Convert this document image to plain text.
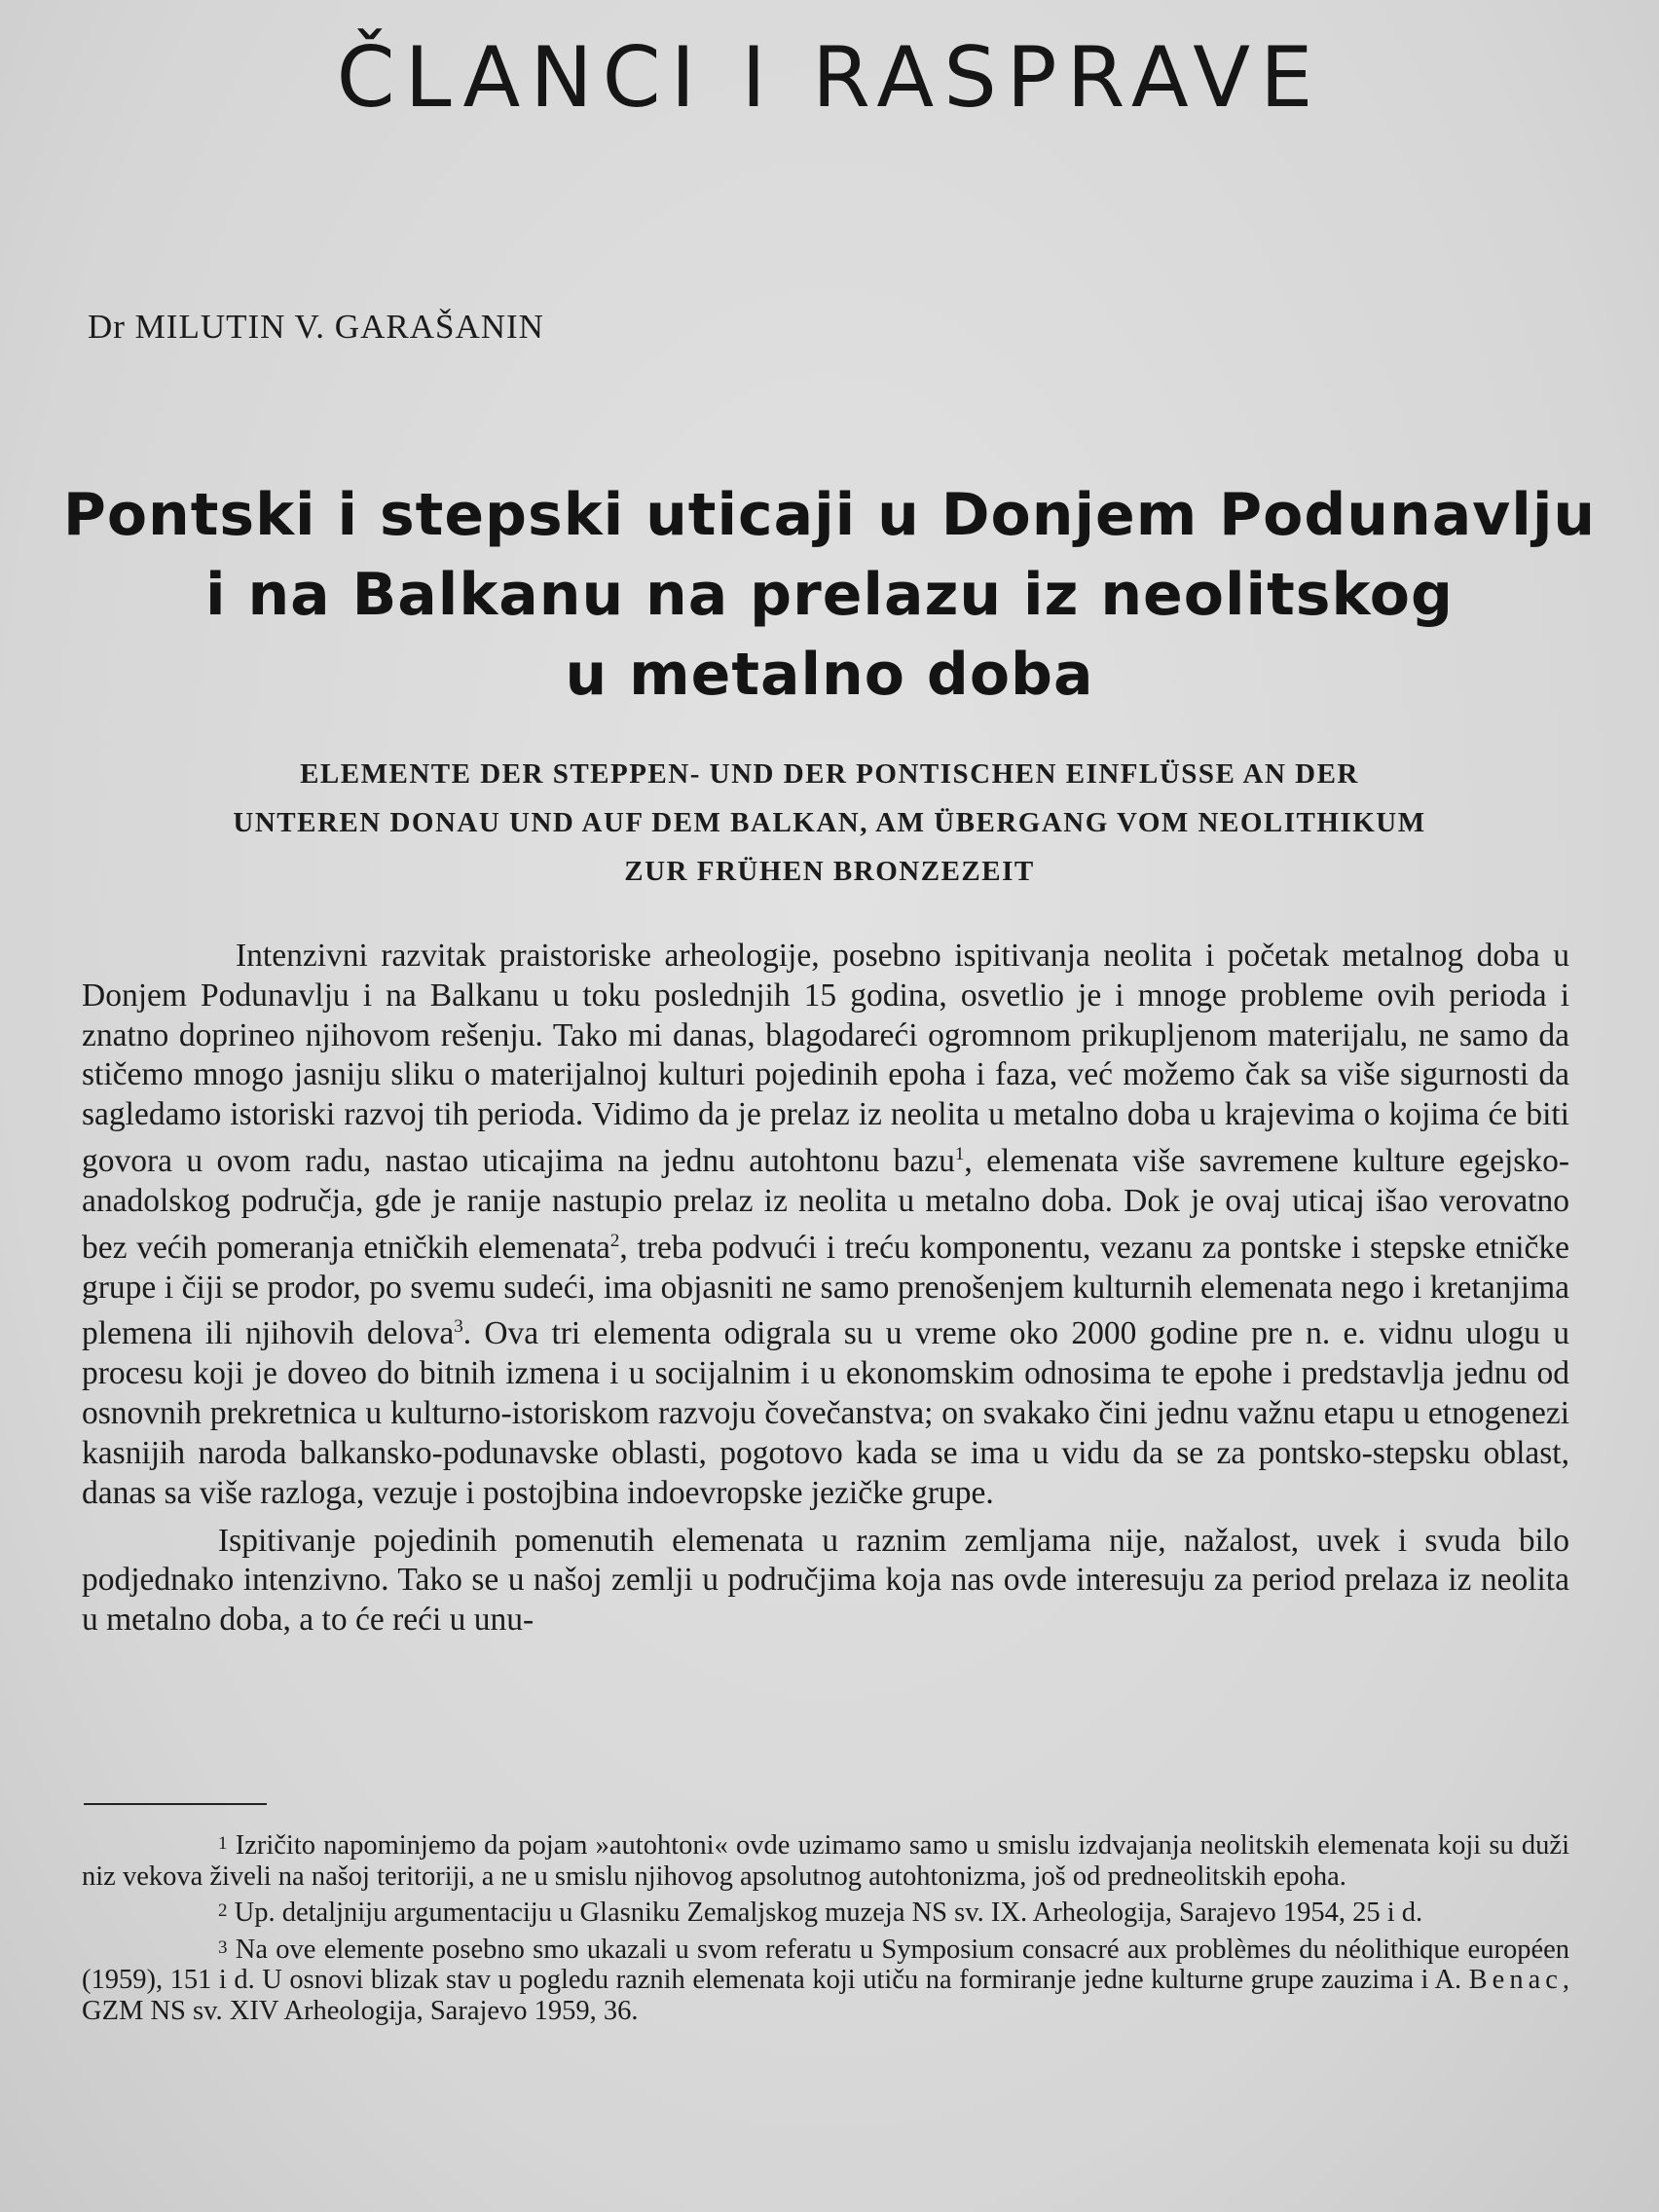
ČLANCI I RASPRAVE
Dr MILUTIN V. GARAŠANIN
Pontski i stepski uticaji u Donjem Podunavlju
i na Balkanu na prelazu iz neolitskog
u metalno doba
ELEMENTE DER STEPPEN- UND DER PONTISCHEN EINFLÜSSE AN DER
UNTEREN DONAU UND AUF DEM BALKAN, AM ÜBERGANG VOM NEOLITHIKUM
ZUR FRÜHEN BRONZEZEIT

Intenzivni razvitak praistoriske arheologije, posebno ispitivanja neolita i početak metalnog doba u Donjem Podunavlju i na Balkanu u toku poslednjih 15 godina, osvetlio je i mnoge probleme ovih perioda i znatno doprineo njihovom rešenju. Tako mi danas, blagodareći ogromnom prikupljenom materijalu, ne samo da stičemo mnogo jasniju sliku o materijalnoj kulturi pojedinih epoha i faza, već možemo čak sa više sigurnosti da sagledamo istoriski razvoj tih perioda. Vidimo da je prelaz iz neolita u metalno doba u krajevima o kojima će biti govora u ovom radu, nastao uticajima na jednu autohtonu bazu$^1$, elemenata više savremene kulture egejsko-anadolskog područja, gde je ranije nastupio prelaz iz neolita u metalno doba. Dok je ovaj uticaj išao verovatno bez većih pomeranja etničkih elemenata$^2$, treba podvući i treću komponentu, vezanu za pontske i stepske etničke grupe i čiji se prodor, po svemu sudeći, ima objasniti ne samo prenošenjem kulturnih elemenata nego i kretanjima plemena ili njihovih delova$^3$. Ova tri elementa odigrala su u vreme oko 2000 godine pre n. e. vidnu ulogu u procesu koji je doveo do bitnih izmena i u socijalnim i u ekonomskim odnosima te epohe i predstavlja jednu od osnovnih prekretnica u kulturno-istoriskom razvoju čovečanstva; on svakako čini jednu važnu etapu u etnogenezi kasnijih naroda balkansko-podunavske oblasti, pogotovo kada se ima u vidu da se za pontsko-stepsku oblast, danas sa više razloga, vezuje i postojbina indoevropske jezičke grupe.

Ispitivanje pojedinih pomenutih elemenata u raznim zemljama nije, nažalost, uvek i svuda bilo podjednako intenzivno. Tako se u našoj zemlji u područjima koja nas ovde interesuju za period prelaza iz neolita u metalno doba, a to će reći u unu-

$^1$ Izričito napominjemo da pojam »autohtoni« ovde uzimamo samo u smislu izdvajanja neolitskih elemenata koji su duži niz vekova živeli na našoj teritoriji, a ne u smislu njihovog apsolutnog autohtonizma, još od predneolitskih epoha.

$^2$ Up. detaljniju argumentaciju u Glasniku Zemaljskog muzeja NS sv. IX. Arheologija, Sarajevo 1954, 25 i d.

$^3$ Na ove elemente posebno smo ukazali u svom referatu u Symposium consacré aux problèmes du néolithique européen (1959), 151 i d. U osnovi blizak stav u pogledu raznih elemenata koji utiču na formiranje jedne kulturne grupe zauzima i A. Benac, GZM NS sv. XIV Arheologija, Sarajevo 1959, 36.
